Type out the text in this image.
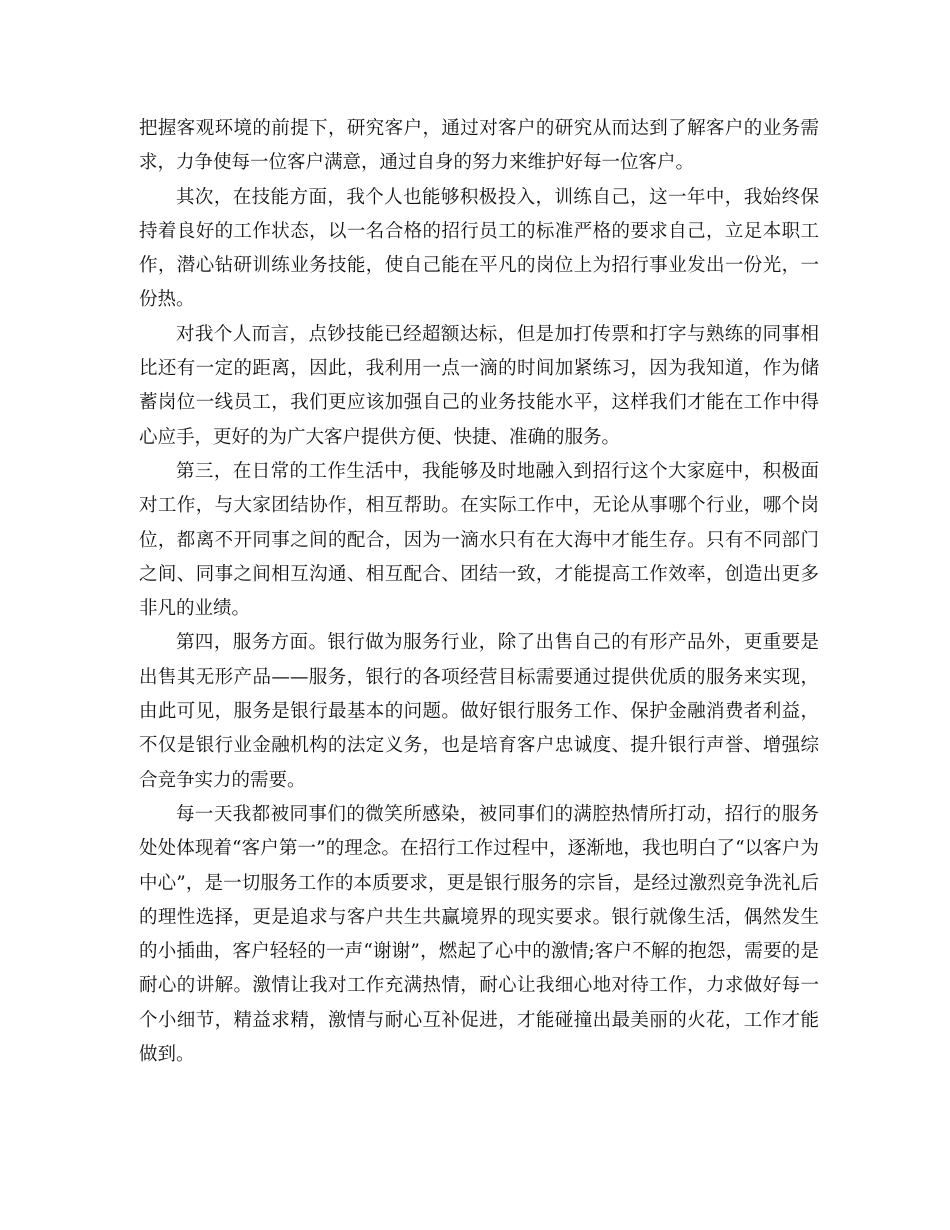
把握客观环境的前提下，研究客户，通过对客户的研究从而达到了解客户的业务需求，力争使每一位客户满意，通过自身的努力来维护好每一位客户。

其次，在技能方面，我个人也能够积极投入，训练自己，这一年中，我始终保持着良好的工作状态，以一名合格的招行员工的标准严格的要求自己，立足本职工作，潜心钻研训练业务技能，使自己能在平凡的岗位上为招行事业发出一份光，一份热。

对我个人而言，点钞技能已经超额达标，但是加打传票和打字与熟练的同事相比还有一定的距离，因此，我利用一点一滴的时间加紧练习，因为我知道，作为储蓄岗位一线员工，我们更应该加强自己的业务技能水平，这样我们才能在工作中得心应手，更好的为广大客户提供方便、快捷、准确的服务。

第三，在日常的工作生活中，我能够及时地融入到招行这个大家庭中，积极面对工作，与大家团结协作，相互帮助。在实际工作中，无论从事哪个行业，哪个岗位，都离不开同事之间的配合，因为一滴水只有在大海中才能生存。只有不同部门之间、同事之间相互沟通、相互配合、团结一致，才能提高工作效率，创造出更多非凡的业绩。

第四，服务方面。银行做为服务行业，除了出售自己的有形产品外，更重要是出售其无形产品——服务，银行的各项经营目标需要通过提供优质的服务来实现，由此可见，服务是银行最基本的问题。做好银行服务工作、保护金融消费者利益，不仅是银行业金融机构的法定义务，也是培育客户忠诚度、提升银行声誉、增强综合竞争实力的需要。

每一天我都被同事们的微笑所感染，被同事们的满腔热情所打动，招行的服务处处体现着“客户第一”的理念。在招行工作过程中，逐渐地，我也明白了“以客户为中心”，是一切服务工作的本质要求，更是银行服务的宗旨，是经过激烈竞争洗礼后的理性选择，更是追求与客户共生共赢境界的现实要求。银行就像生活，偶然发生的小插曲，客户轻轻的一声“谢谢”，燃起了心中的激情;客户不解的抱怨，需要的是耐心的讲解。激情让我对工作充满热情，耐心让我细心地对待工作，力求做好每一个小细节，精益求精，激情与耐心互补促进，才能碰撞出最美丽的火花，工作才能做到。
